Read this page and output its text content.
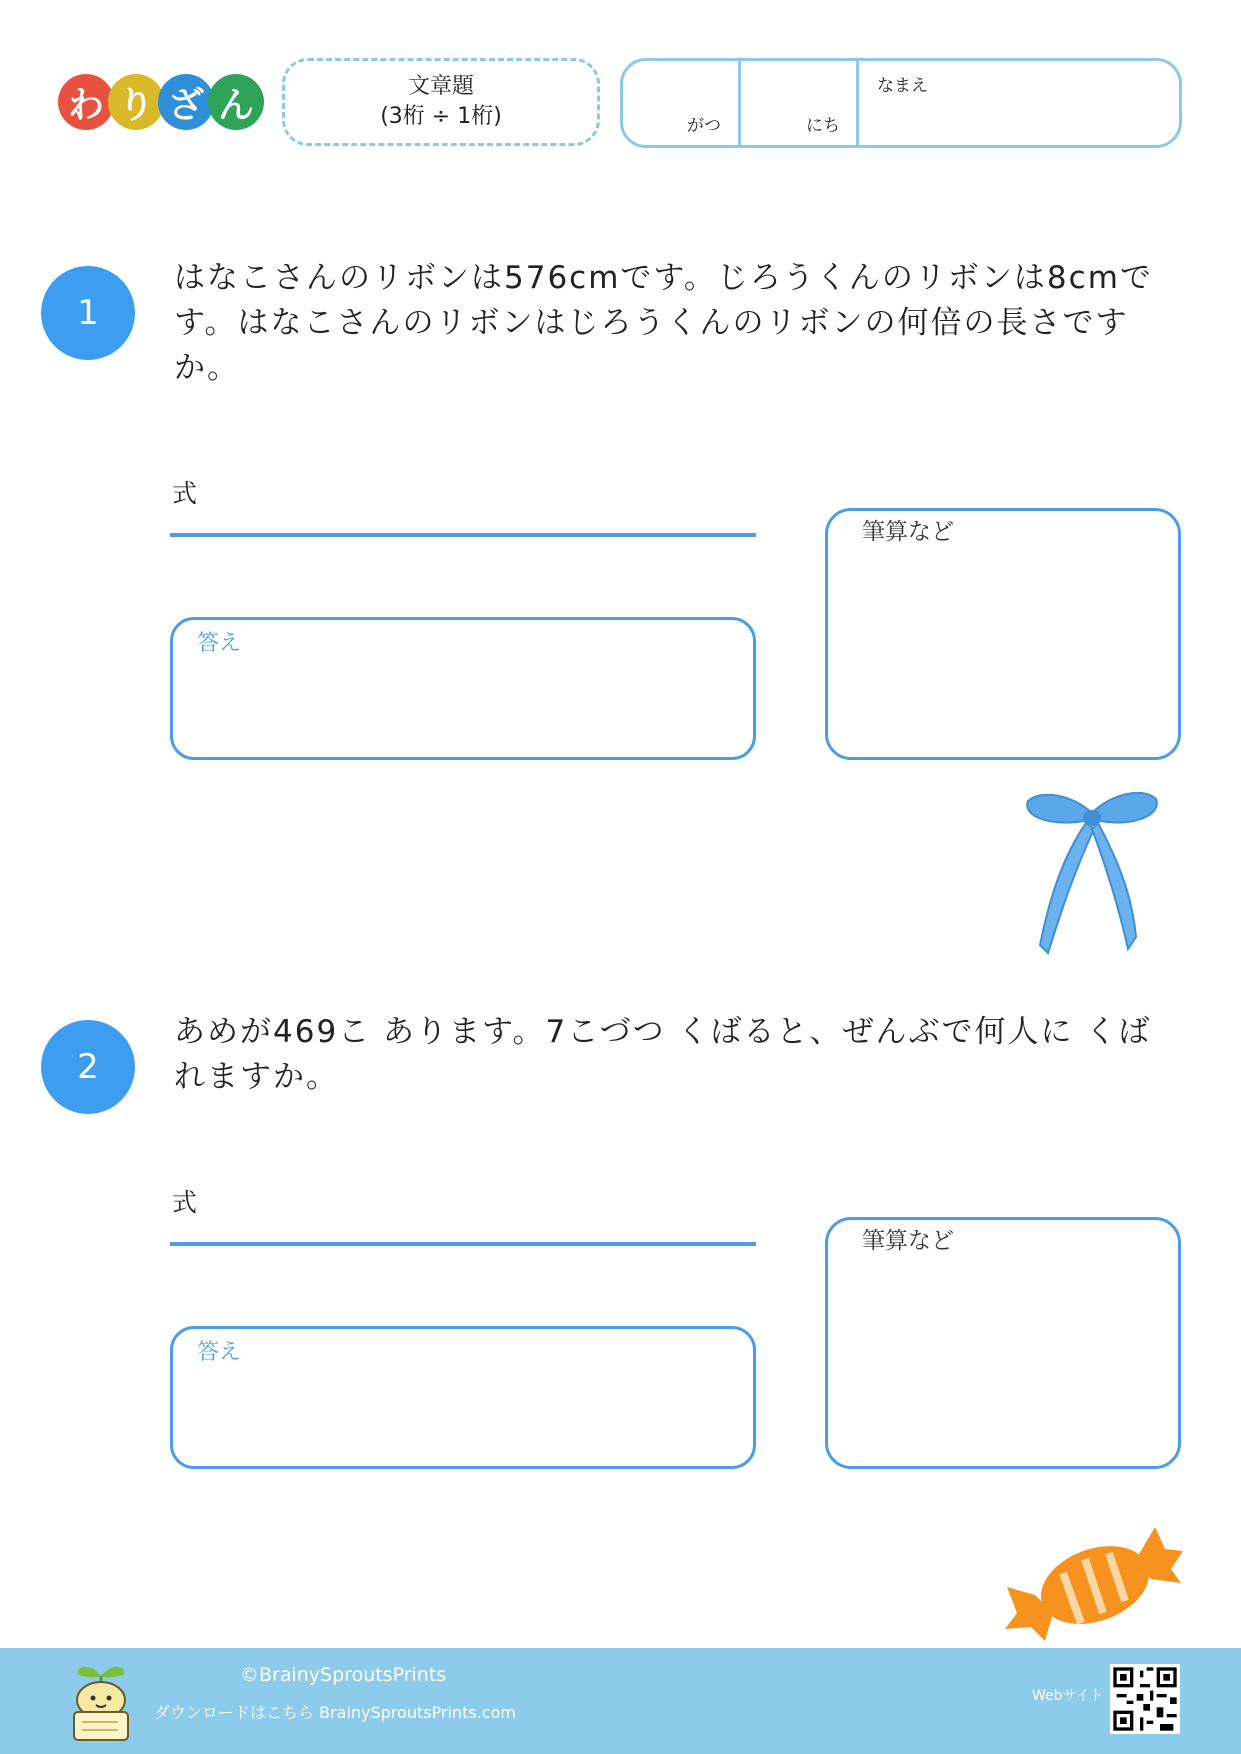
わ り ざ ん	文章題
(3桁 ÷ 1桁)	がつ	にち
なまえ
1
はなこさんのリボンは576cmです。じろうくんのリボンは8cmです。はなこさんのリボンはじろうくんのリボンの何倍の長さですか。
式
答え
筆算など
2
あめが469こ あります。7こづつ くばると、ぜんぶで何人に くばれますか。
式
答え
筆算など
©BrainySproutsPrints
ダウンロードはこちら BrainySproutsPrints.com
Webサイト
